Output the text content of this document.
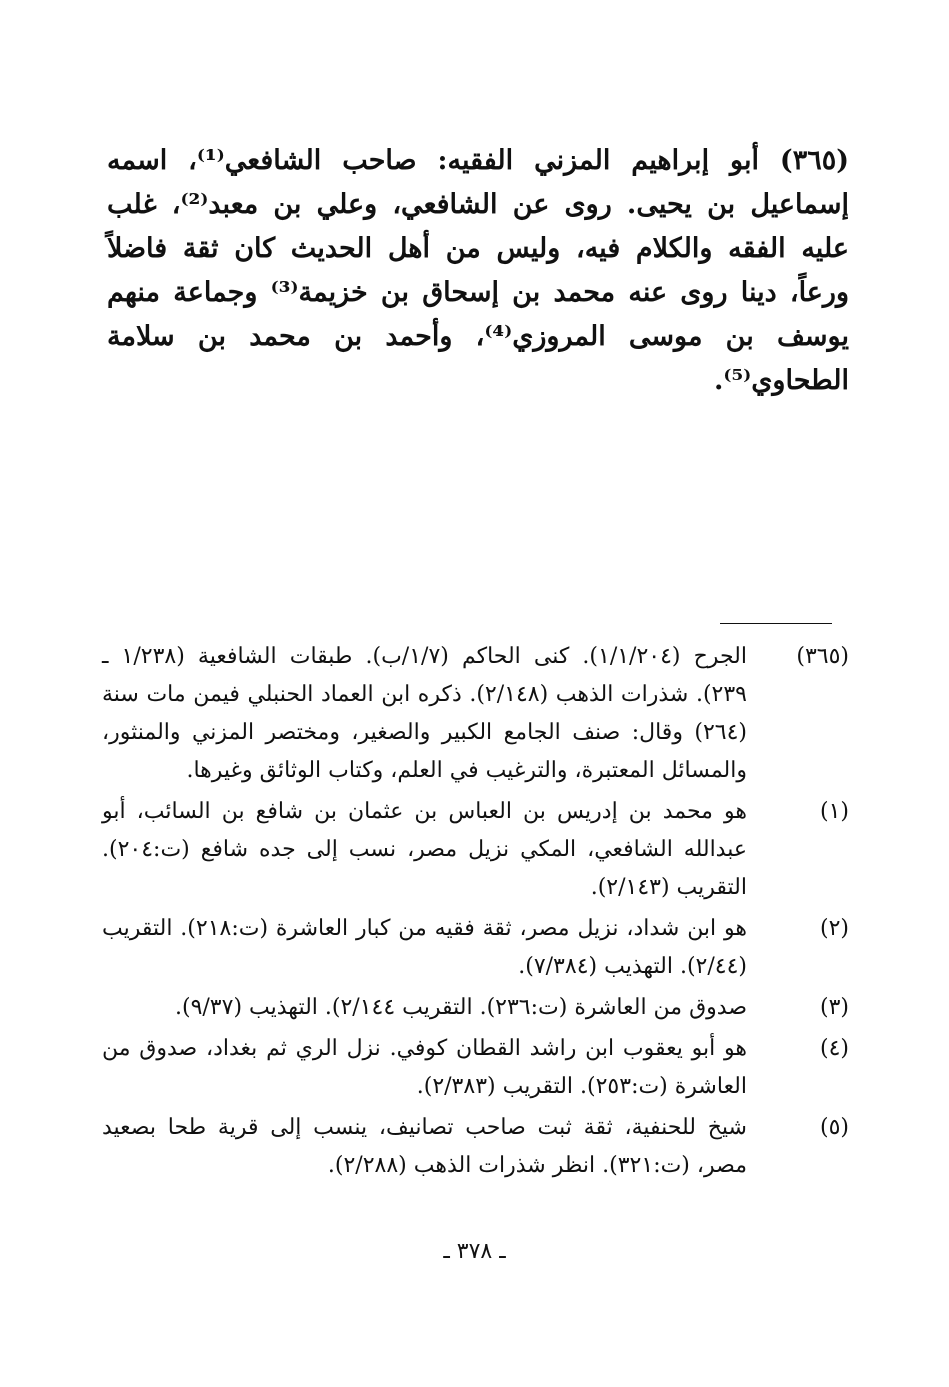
(٣٦٥) أبو إبراهيم المزني الفقيه: صاحب الشافعي⁽¹⁾، اسمه إسماعيل بن يحيى. روى عن الشافعي، وعلي بن معبد⁽²⁾، غلب عليه الفقه والكلام فيه، وليس من أهل الحديث كان ثقة فاضلاً ورعاً، دينا روى عنه محمد بن إسحاق بن خزيمة⁽³⁾ وجماعة منهم يوسف بن موسى المروزي⁽⁴⁾، وأحمد بن محمد بن سلامة الطحاوي⁽⁵⁾.

(٣٦٥)
الجرح (١/١/٢٠٤). كنى الحاكم (١/٧/ب). طبقات الشافعية (١/٢٣٨ ـ ٢٣٩). شذرات الذهب (٢/١٤٨). ذكره ابن العماد الحنبلي فيمن مات سنة (٢٦٤) وقال: صنف الجامع الكبير والصغير، ومختصر المزني والمنثور، والمسائل المعتبرة، والترغيب في العلم، وكتاب الوثائق وغيرها.
(١)
هو محمد بن إدريس بن العباس بن عثمان بن شافع بن السائب، أبو عبدالله الشافعي، المكي نزيل مصر، نسب إلى جده شافع (ت:٢٠٤). التقريب (٢/١٤٣).
(٢)
هو ابن شداد، نزيل مصر، ثقة فقيه من كبار العاشرة (ت:٢١٨). التقريب (٢/٤٤). التهذيب (٧/٣٨٤).
(٣)
صدوق من العاشرة (ت:٢٣٦). التقريب ٢/١٤٤). التهذيب (٩/٣٧).
(٤)
هو أبو يعقوب ابن راشد القطان كوفي. نزل الري ثم بغداد، صدوق من العاشرة (ت:٢٥٣). التقريب (٢/٣٨٣).
(٥)
شيخ للحنفية، ثقة ثبت صاحب تصانيف، ينسب إلى قرية طحا بصعيد مصر، (ت:٣٢١). انظر شذرات الذهب (٢/٢٨٨).
ـ ٣٧٨ ـ
